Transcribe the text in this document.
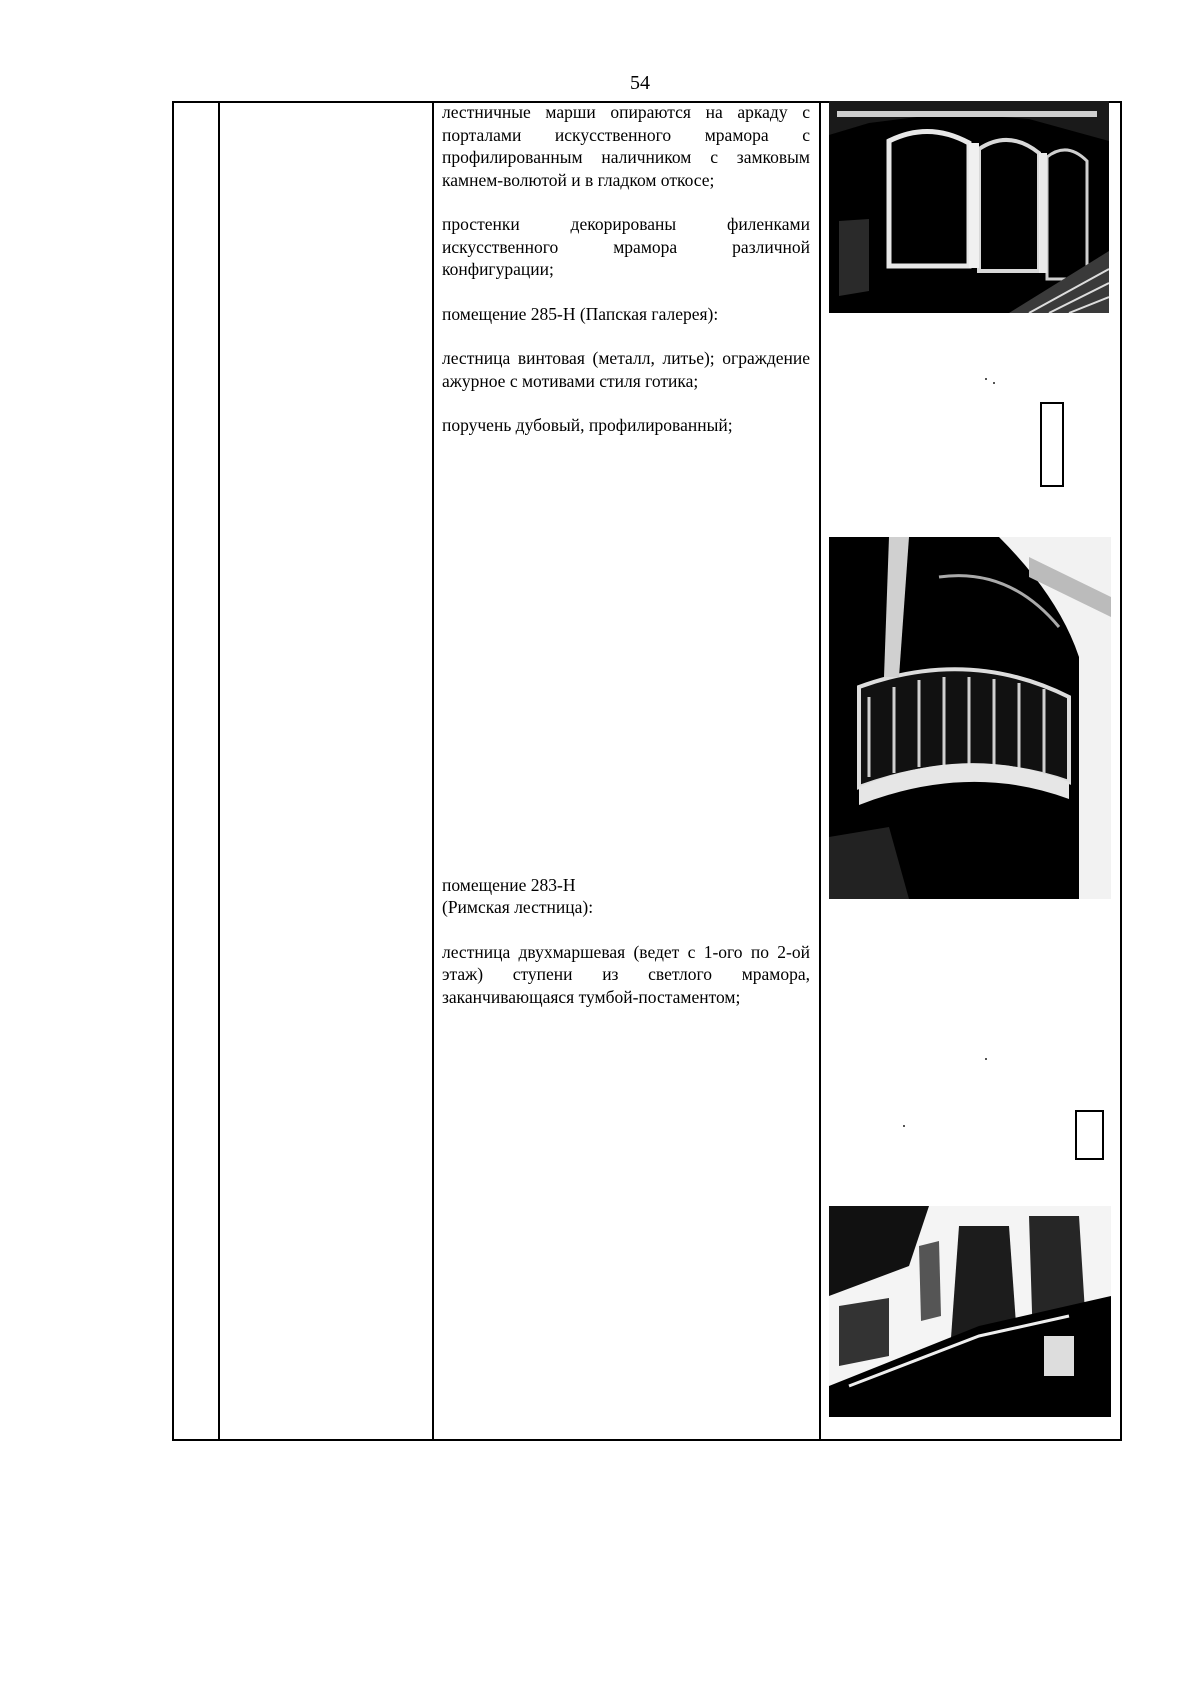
54

лестничные марши опираются на аркаду с порталами искусственного мрамора с профилированным наличником с замковым камнем-волютой и в гладком откосе;

простенки декорированы филенками искусственного мрамора различной конфигурации;

помещение 285-Н (Папская галерея):

лестница винтовая (металл, литье); ограждение ажурное с мотивами стиля готика;

поручень дубовый, профилированный;

помещение 283-Н

(Римская лестница):

лестница двухмаршевая (ведет с 1-ого по 2-ой этаж) ступени из светлого мрамора, заканчивающаяся тумбой-постаментом;
